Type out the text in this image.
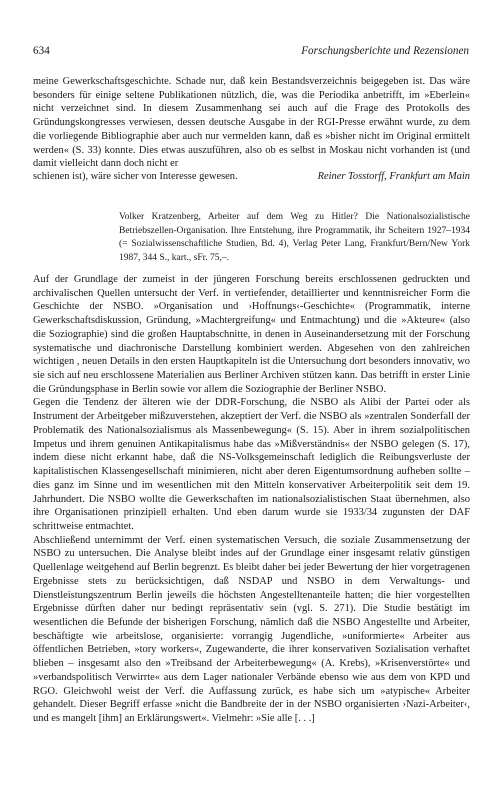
634	Forschungsberichte und Rezensionen

meine Gewerkschaftsgeschichte. Schade nur, daß kein Bestandsverzeichnis beigegeben ist. Das wäre besonders für einige seltene Publikationen nützlich, die, was die Periodika anbetrifft, im »Eberlein« nicht verzeichnet sind. In diesem Zusammenhang sei auch auf die Frage des Protokolls des Gründungskongresses verwiesen, dessen deutsche Ausgabe in der RGI-Presse erwähnt wurde, zu dem die vorliegende Bibliographie aber auch nur vermelden kann, daß es »bisher nicht im Original ermittelt werden« (S. 33) konnte. Dies etwas auszuführen, also ob es selbst in Moskau nicht vorhanden ist (und damit vielleicht dann doch nicht er

schienen ist), wäre sicher von Interesse gewesen.	Reiner Tosstorff, Frankfurt am Main

Volker Kratzenberg, Arbeiter auf dem Weg zu Hitler? Die Nationalsozialistische Betriebszellen-Organisation. Ihre Entstehung, ihre Programmatik, ihr Scheitern 1927–1934 (= Sozialwissenschaftliche Studien, Bd. 4), Verlag Peter Lang, Frankfurt/Bern/New York 1987, 344 S., kart., sFr. 75,–.

Auf der Grundlage der zumeist in der jüngeren Forschung bereits erschlossenen gedruckten und archivalischen Quellen untersucht der Verf. in vertiefender, detaillierter und kenntnisreicher Form die Geschichte der NSBO. »Organisation und ›Hoffnungs‹-Geschichte« (Programmatik, interne Gewerkschaftsdiskussion, Gründung, »Machtergreifung« und Entmachtung) und die »Akteure« (also die Soziographie) sind die großen Hauptabschnitte, in denen in Auseinandersetzung mit der Forschung systematische und diachronische Darstellung kombiniert werden. Abgesehen von den zahlreichen wichtigen , neuen Details in den ersten Hauptkapiteln ist die Untersuchung dort besonders innovativ, wo sie sich auf neu erschlossene Materialien aus Berliner Archiven stützen kann. Das betrifft in erster Linie die Gründungsphase in Berlin sowie vor allem die Soziographie der Berliner NSBO.

Gegen die Tendenz der älteren wie der DDR-Forschung, die NSBO als Alibi der Partei oder als Instrument der Arbeitgeber mißzuverstehen, akzeptiert der Verf. die NSBO als »zentralen Sonderfall der Problematik des Nationalsozialismus als Massenbewegung« (S. 15). Aber in ihrem sozialpolitischen Impetus und ihrem genuinen Antikapitalismus habe das »Mißverständnis« der NSBO gelegen (S. 17), indem diese nicht erkannt habe, daß die NS-Volksgemeinschaft lediglich die Reibungsverluste der kapitalistischen Klassengesellschaft minimieren, nicht aber deren Eigentumsordnung aufheben sollte – dies ganz im Sinne und im wesentlichen mit den Mitteln konservativer Arbeiterpolitik seit dem 19. Jahrhundert. Die NSBO wollte die Gewerkschaften im nationalsozialistischen Staat übernehmen, also ihre Organisationen prinzipiell erhalten. Und eben darum wurde sie 1933/34 zugunsten der DAF schrittweise entmachtet.

Abschließend unternimmt der Verf. einen systematischen Versuch, die soziale Zusammensetzung der NSBO zu untersuchen. Die Analyse bleibt indes auf der Grundlage einer insgesamt relativ günstigen Quellenlage weitgehend auf Berlin begrenzt. Es bleibt daher bei jeder Bewertung der hier vorgetragenen Ergebnisse stets zu berücksichtigen, daß NSDAP und NSBO in dem Verwaltungs- und Dienstleistungszentrum Berlin jeweils die höchsten Angestelltenanteile hatten; die hier vorgestellten Ergebnisse dürften daher nur bedingt repräsentativ sein (vgl. S. 271). Die Studie bestätigt im wesentlichen die Befunde der bisherigen Forschung, nämlich daß die NSBO Angestellte und Arbeiter, beschäftigte wie arbeitslose, organisierte: vorrangig Jugendliche, »uniformierte« Arbeiter aus öffentlichen Betrieben, »tory workers«, Zugewanderte, die ihrer konservativen Sozialisation verhaftet blieben – insgesamt also den »Treibsand der Arbeiterbewegung« (A. Krebs), »Krisenverstörte« und »verbandspolitisch Verwirrte« aus dem Lager nationaler Verbände ebenso wie aus dem von KPD und RGO. Gleichwohl weist der Verf. die Auffassung zurück, es habe sich um »atypische« Arbeiter gehandelt. Dieser Begriff erfasse »nicht die Bandbreite der in der NSBO organisierten ›Nazi-Arbeiter‹, und es mangelt [ihm] an Erklärungswert«. Vielmehr: »Sie alle [. . .]
